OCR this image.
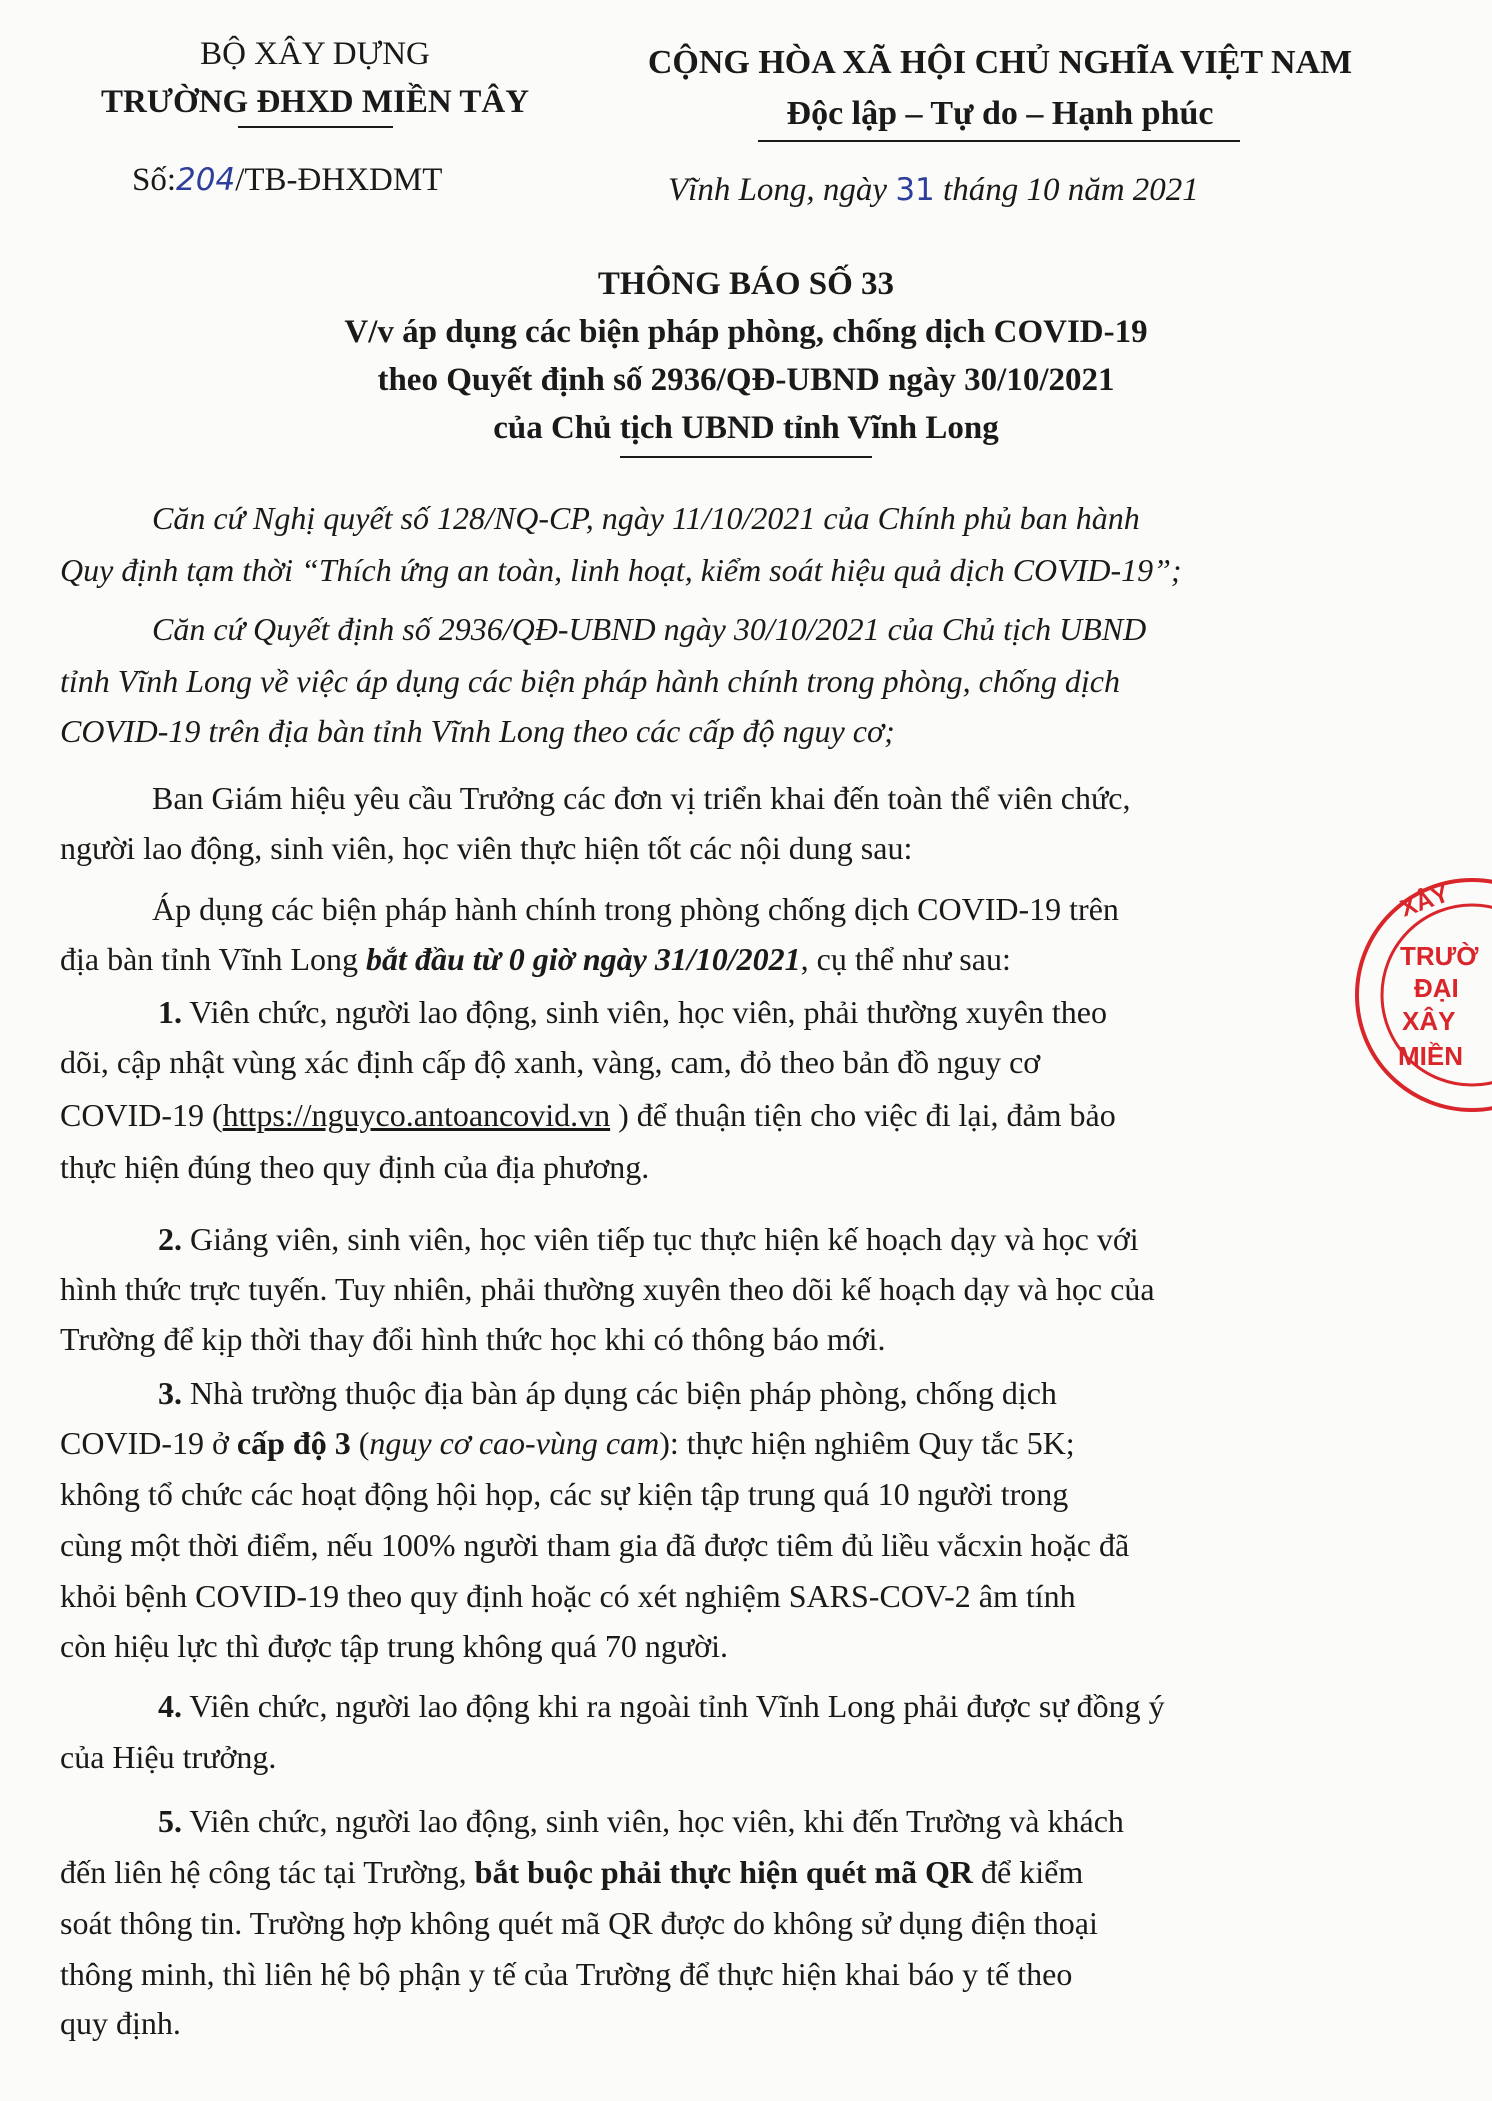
BỘ XÂY DỰNG
TRƯỜNG ĐHXD MIỀN TÂY
Số:204/TB-ĐHXDMT
CỘNG HÒA XÃ HỘI CHỦ NGHĨA VIỆT NAM
Độc lập – Tự do – Hạnh phúc
Vĩnh Long, ngày 31 tháng 10 năm 2021
THÔNG BÁO SỐ 33
V/v áp dụng các biện pháp phòng, chống dịch COVID-19
theo Quyết định số 2936/QĐ-UBND ngày 30/10/2021
của Chủ tịch UBND tỉnh Vĩnh Long
Căn cứ Nghị quyết số 128/NQ-CP, ngày 11/10/2021 của Chính phủ ban hành
Quy định tạm thời “Thích ứng an toàn, linh hoạt, kiểm soát hiệu quả dịch COVID-19”;
Căn cứ Quyết định số 2936/QĐ-UBND ngày 30/10/2021 của Chủ tịch UBND
tỉnh Vĩnh Long về việc áp dụng các biện pháp hành chính trong phòng, chống dịch
COVID-19 trên địa bàn tỉnh Vĩnh Long theo các cấp độ nguy cơ;
Ban Giám hiệu yêu cầu Trưởng các đơn vị triển khai đến toàn thể viên chức,
người lao động, sinh viên, học viên thực hiện tốt các nội dung sau:
Áp dụng các biện pháp hành chính trong phòng chống dịch COVID-19 trên
địa bàn tỉnh Vĩnh Long bắt đầu từ 0 giờ ngày 31/10/2021, cụ thể như sau:
1. Viên chức, người lao động, sinh viên, học viên, phải thường xuyên theo
dõi, cập nhật vùng xác định cấp độ xanh, vàng, cam, đỏ theo bản đồ nguy cơ
COVID-19 (https://nguyco.antoancovid.vn ) để thuận tiện cho việc đi lại, đảm bảo
thực hiện đúng theo quy định của địa phương.
2. Giảng viên, sinh viên, học viên tiếp tục thực hiện kế hoạch dạy và học với
hình thức trực tuyến. Tuy nhiên, phải thường xuyên theo dõi kế hoạch dạy và học của
Trường để kịp thời thay đổi hình thức học khi có thông báo mới.
3. Nhà trường thuộc địa bàn áp dụng các biện pháp phòng, chống dịch
COVID-19 ở cấp độ 3 (nguy cơ cao-vùng cam): thực hiện nghiêm Quy tắc 5K;
không tổ chức các hoạt động hội họp, các sự kiện tập trung quá 10 người trong
cùng một thời điểm, nếu 100% người tham gia đã được tiêm đủ liều vắcxin hoặc đã
khỏi bệnh COVID-19 theo quy định hoặc có xét nghiệm SARS-COV-2 âm tính
còn hiệu lực thì được tập trung không quá 70 người.
4. Viên chức, người lao động khi ra ngoài tỉnh Vĩnh Long phải được sự đồng ý
của Hiệu trưởng.
5. Viên chức, người lao động, sinh viên, học viên, khi đến Trường và khách
đến liên hệ công tác tại Trường, bắt buộc phải thực hiện quét mã QR để kiểm
soát thông tin. Trường hợp không quét mã QR được do không sử dụng điện thoại
thông minh, thì liên hệ bộ phận y tế của Trường để thực hiện khai báo y tế theo
quy định.
XÂY
TRƯỜ
ĐẠI
XÂY
MIỀN
